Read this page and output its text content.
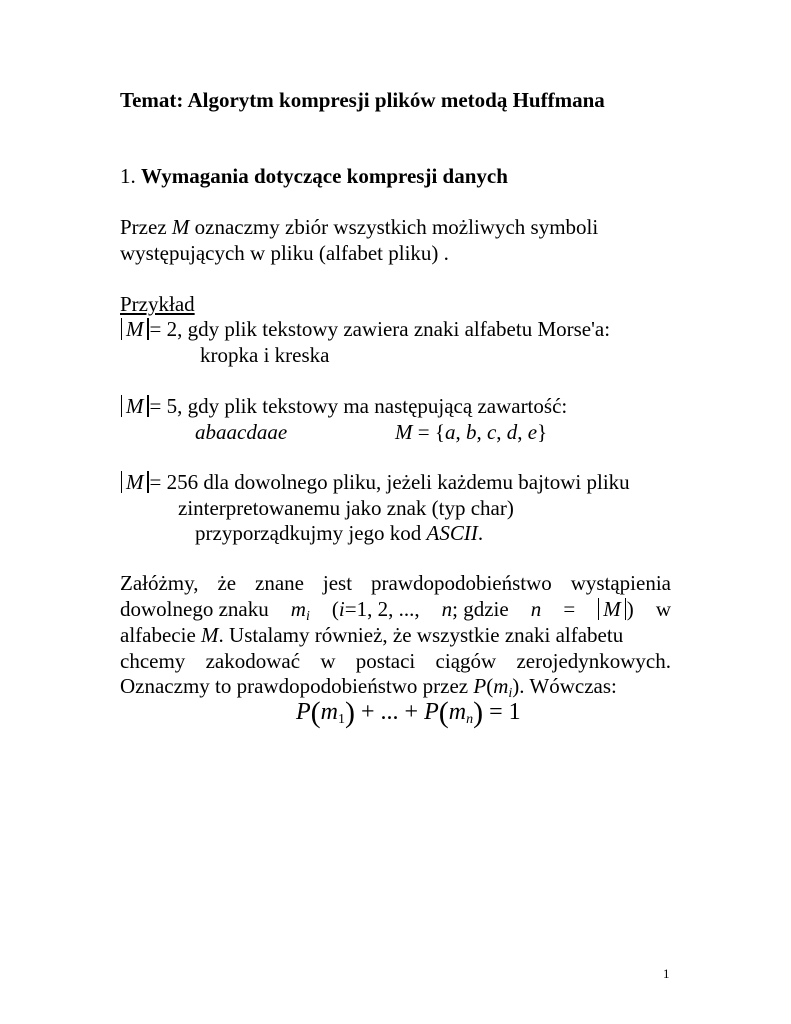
Temat: Algorytm kompresji plików metodą Huffmana
1. Wymagania dotyczące kompresji danych
Przez M oznaczmy zbiór wszystkich możliwych symboli
występujących w pliku (alfabet pliku) .
Przykład
M = 2, gdy plik tekstowy zawiera znaki alfabetu Morse'a:
kropka i kreska
M = 5, gdy plik tekstowy ma następującą zawartość:
abaacdaae	M = {a, b, c, d, e}
M = 256 dla dowolnego pliku, jeżeli każdemu bajtowi pliku
zinterpretowanemu jako znak (typ char)
przyporządkujmy jego kod ASCII.
Załóżmy, że znane jest prawdopodobieństwo wystąpienia
dowolnego znaku $m_i$ (i=1, 2, ..., n; gdzie n = M ) w
alfabecie M. Ustalamy również, że wszystkie znaki alfabetu
chcemy zakodować w postaci ciągów zerojedynkowych.
Oznaczmy to prawdopodobieństwo przez $P(m_i)$. Wówczas:
$P(m_1)$ + ... + $P(m_n) = 1$
1
